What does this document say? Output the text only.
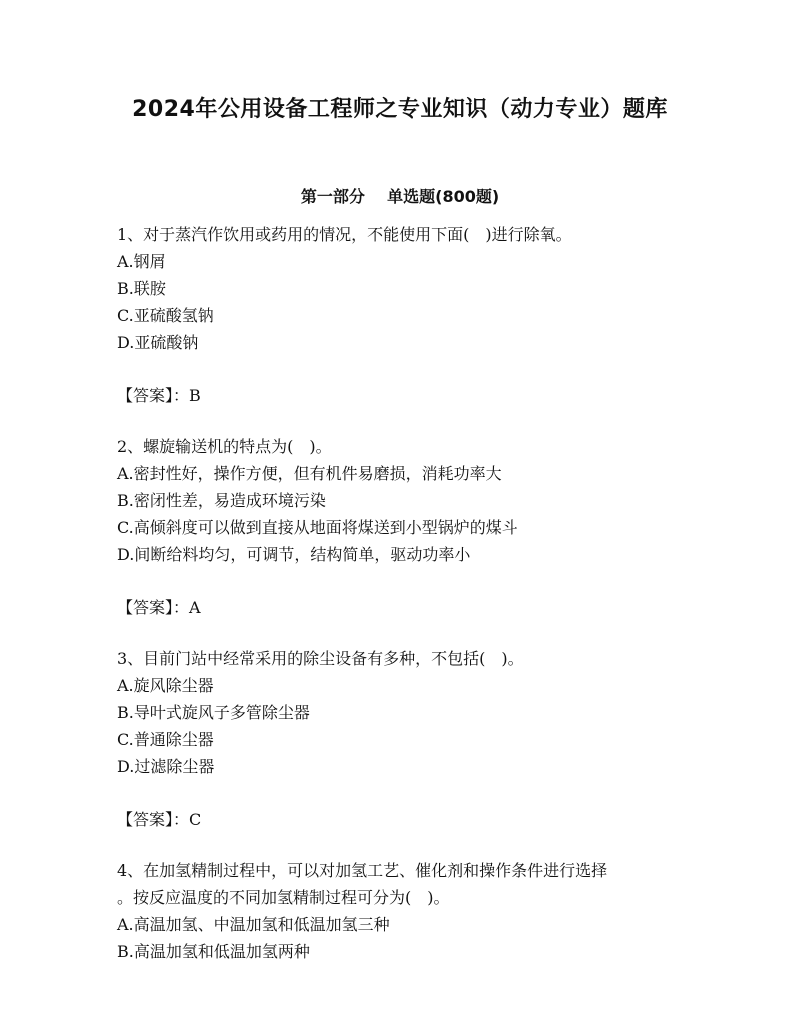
2024年公用设备工程师之专业知识（动力专业）题库
第一部分    单选题(800题)
1、对于蒸汽作饮用或药用的情况，不能使用下面(　)进行除氧。
A.钢屑
B.联胺
C.亚硫酸氢钠
D.亚硫酸钠
【答案】：B
2、螺旋输送机的特点为(　)。
A.密封性好，操作方便，但有机件易磨损，消耗功率大
B.密闭性差，易造成环境污染
C.高倾斜度可以做到直接从地面将煤送到小型锅炉的煤斗
D.间断给料均匀，可调节，结构简单，驱动功率小
【答案】：A
3、目前门站中经常采用的除尘设备有多种，不包括(　)。
A.旋风除尘器
B.导叶式旋风子多管除尘器
C.普通除尘器
D.过滤除尘器
【答案】：C
4、在加氢精制过程中，可以对加氢工艺、催化剂和操作条件进行选择
。按反应温度的不同加氢精制过程可分为(　)。
A.高温加氢、中温加氢和低温加氢三种
B.高温加氢和低温加氢两种
